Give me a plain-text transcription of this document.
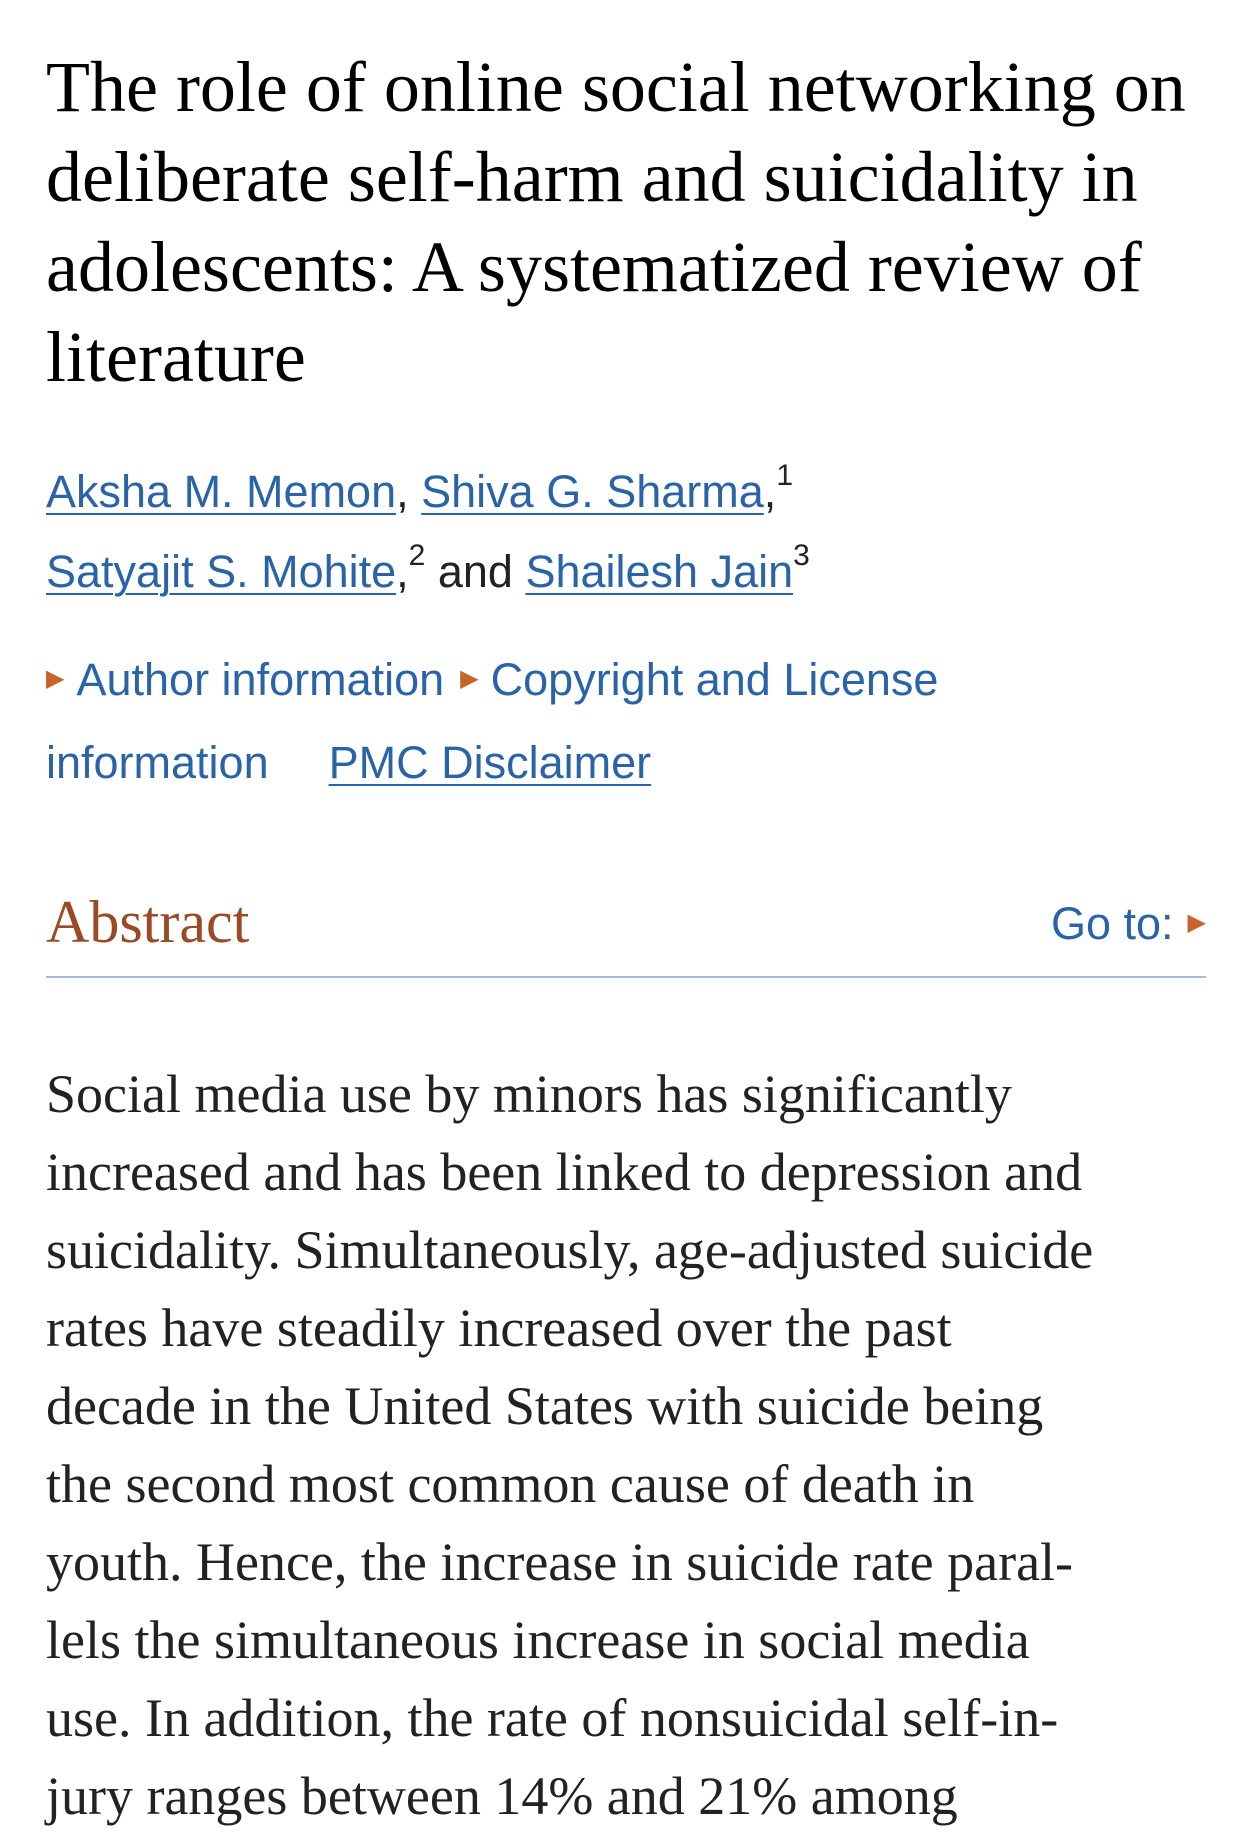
The role of online social networking on
deliberate self-harm and suicidality in
adolescents: A systematized review of
literature
Aksha M. Memon, Shiva G. Sharma,$^1$
Satyajit S. Mohite,$^2$ and Shailesh Jain$^3$
▶ Author information ▶ Copyright and License
information PMC Disclaimer
Abstract	Go to: ▶

Social media use by minors has significantly
increased and has been linked to depression and
suicidality. Simultaneously, age-adjusted suicide
rates have steadily increased over the past
decade in the United States with suicide being
the second most common cause of death in
youth. Hence, the increase in suicide rate paral-
lels the simultaneous increase in social media
use. In addition, the rate of nonsuicidal self-in-
jury ranges between 14% and 21% among
